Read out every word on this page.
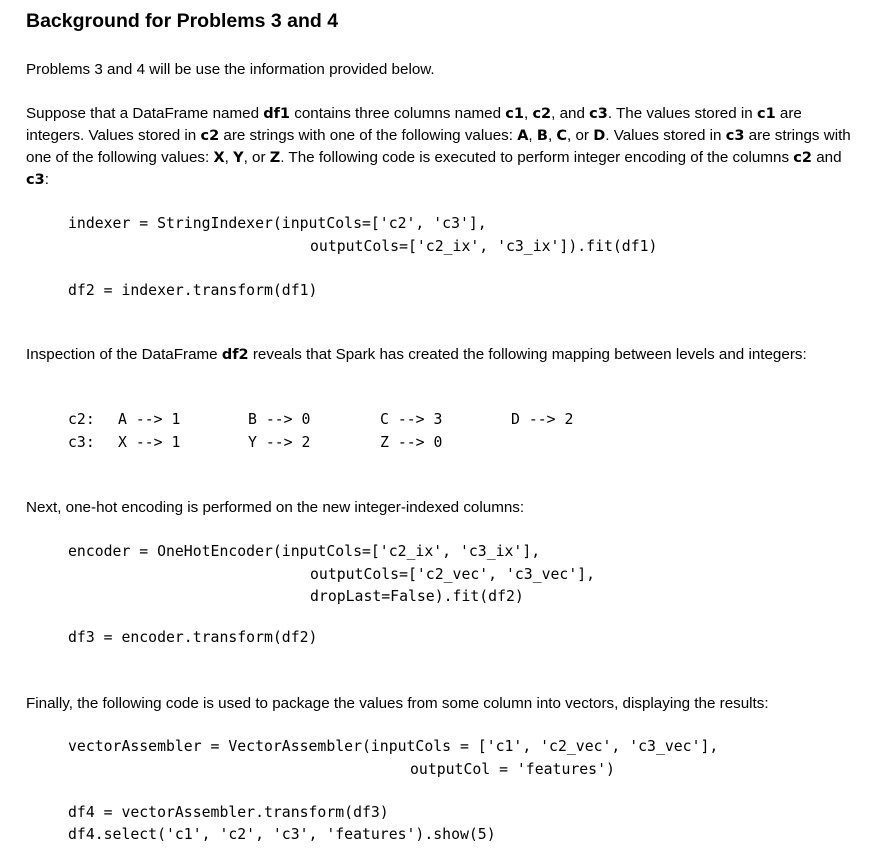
Background for Problems 3 and 4
Problems 3 and 4 will be use the information provided below.
Suppose that a DataFrame named df1 contains three columns named c1, c2, and c3. The values stored in c1 are integers. Values stored in c2 are strings with one of the following values: A, B, C, or D. Values stored in c3 are strings with one of the following values: X, Y, or Z. The following code is executed to perform integer encoding of the columns c2 and c3:
indexer = StringIndexer(inputCols=['c2', 'c3'],
outputCols=['c2_ix', 'c3_ix']).fit(df1)
df2 = indexer.transform(df1)
Inspection of the DataFrame df2 reveals that Spark has created the following mapping between levels and integers:
c2: A --> 1	B --> 0	C --> 3	D --> 2
c3: X --> 1	Y --> 2	Z --> 0
Next, one-hot encoding is performed on the new integer-indexed columns:
encoder = OneHotEncoder(inputCols=['c2_ix', 'c3_ix'],
outputCols=['c2_vec', 'c3_vec'],
dropLast=False).fit(df2)
df3 = encoder.transform(df2)
Finally, the following code is used to package the values from some column into vectors, displaying the results:
vectorAssembler = VectorAssembler(inputCols = ['c1', 'c2_vec', 'c3_vec'],
outputCol = 'features')
df4 = vectorAssembler.transform(df3)
df4.select('c1', 'c2', 'c3', 'features').show(5)
